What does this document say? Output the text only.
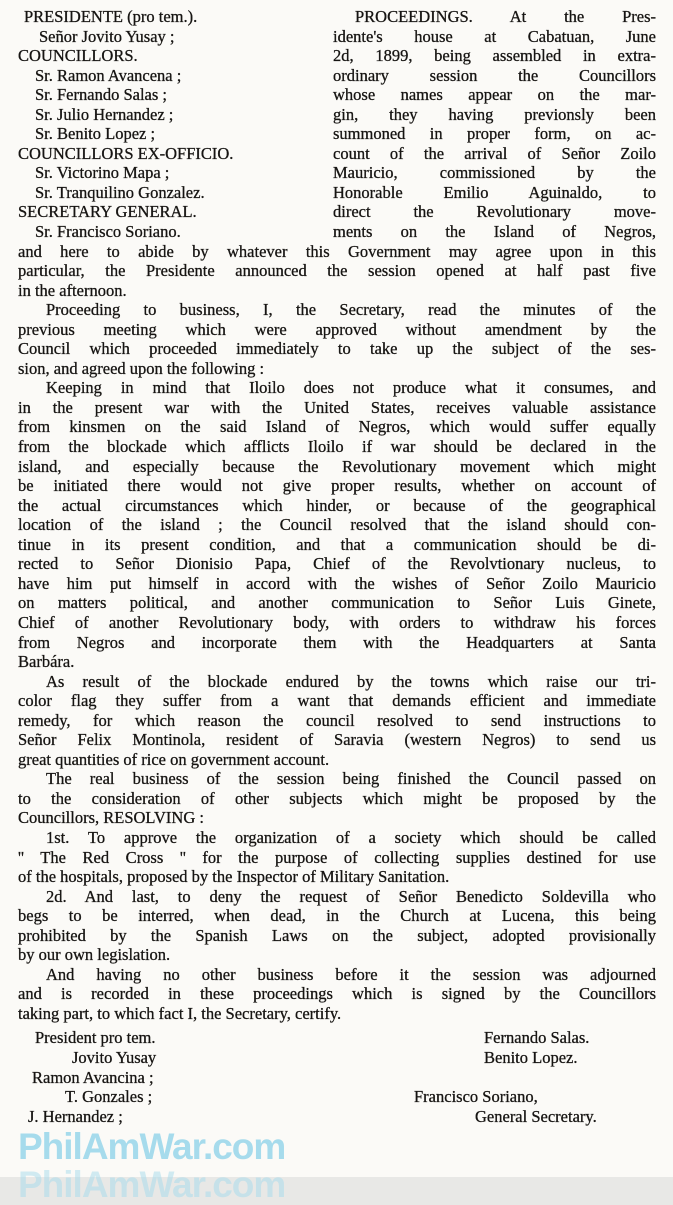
PRESIDENTE (pro tem.).
Señor Jovito Yusay ;
COUNCILLORS.
Sr. Ramon Avancena ;
Sr. Fernando Salas ;
Sr. Julio Hernandez ;
Sr. Benito Lopez ;
COUNCILLORS EX-OFFICIO.
Sr. Victorino Mapa ;
Sr. Tranquilino Gonzalez.
SECRETARY GENERAL.
Sr. Francisco Soriano.
PROCEEDINGS. At the Pres-
idente's house at Cabatuan, June
2d, 1899, being assembled in extra-
ordinary session the Councillors
whose names appear on the mar-
gin, they having previonsly been
summoned in proper form, on ac-
count of the arrival of Señor Zoilo
Mauricio, commissioned by the
Honorable Emilio Aguinaldo, to
direct the Revolutionary move-
ments on the Island of Negros,
and here to abide by whatever this Government may agree upon in this
particular, the Presidente announced the session opened at half past five
in the afternoon.
Proceeding to business, I, the Secretary, read the minutes of the
previous meeting which were approved without amendment by the
Council which proceeded immediately to take up the subject of the ses-
sion, and agreed upon the following :
Keeping in mind that Iloilo does not produce what it consumes, and
in the present war with the United States, receives valuable assistance
from kinsmen on the said Island of Negros, which would suffer equally
from the blockade which afflicts Iloilo if war should be declared in the
island, and especially because the Revolutionary movement which might
be initiated there would not give proper results, whether on account of
the actual circumstances which hinder, or because of the geographical
location of the island ; the Council resolved that the island should con-
tinue in its present condition, and that a communication should be di-
rected to Señor Dionisio Papa, Chief of the Revolvtionary nucleus, to
have him put himself in accord with the wishes of Señor Zoilo Mauricio
on matters political, and another communication to Señor Luis Ginete,
Chief of another Revolutionary body, with orders to withdraw his forces
from Negros and incorporate them with the Headquarters at Santa
Barbára.
As result of the blockade endured by the towns which raise our tri-
color flag they suffer from a want that demands efficient and immediate
remedy, for which reason the council resolved to send instructions to
Señor Felix Montinola, resident of Saravia (western Negros) to send us
great quantities of rice on government account.
The real business of the session being finished the Council passed on
to the consideration of other subjects which might be proposed by the
Councillors, RESOLVING :
1st. To approve the organization of a society which should be called
'' The Red Cross '' for the purpose of collecting supplies destined for use
of the hospitals, proposed by the Inspector of Military Sanitation.
2d. And last, to deny the request of Señor Benedicto Soldevilla who
begs to be interred, when dead, in the Church at Lucena, this being
prohibited by the Spanish Laws on the subject, adopted provisionally
by our own legislation.
And having no other business before it the session was adjourned
and is recorded in these proceedings which is signed by the Councillors
taking part, to which fact I, the Secretary, certify.
President pro tem.
Jovito Yusay
Ramon Avancina ;
T. Gonzales ;
J. Hernandez ;
Fernando Salas.
Benito Lopez.
Francisco Soriano,
General Secretary.
PhilAmWar.com
PhilAmWar.com
